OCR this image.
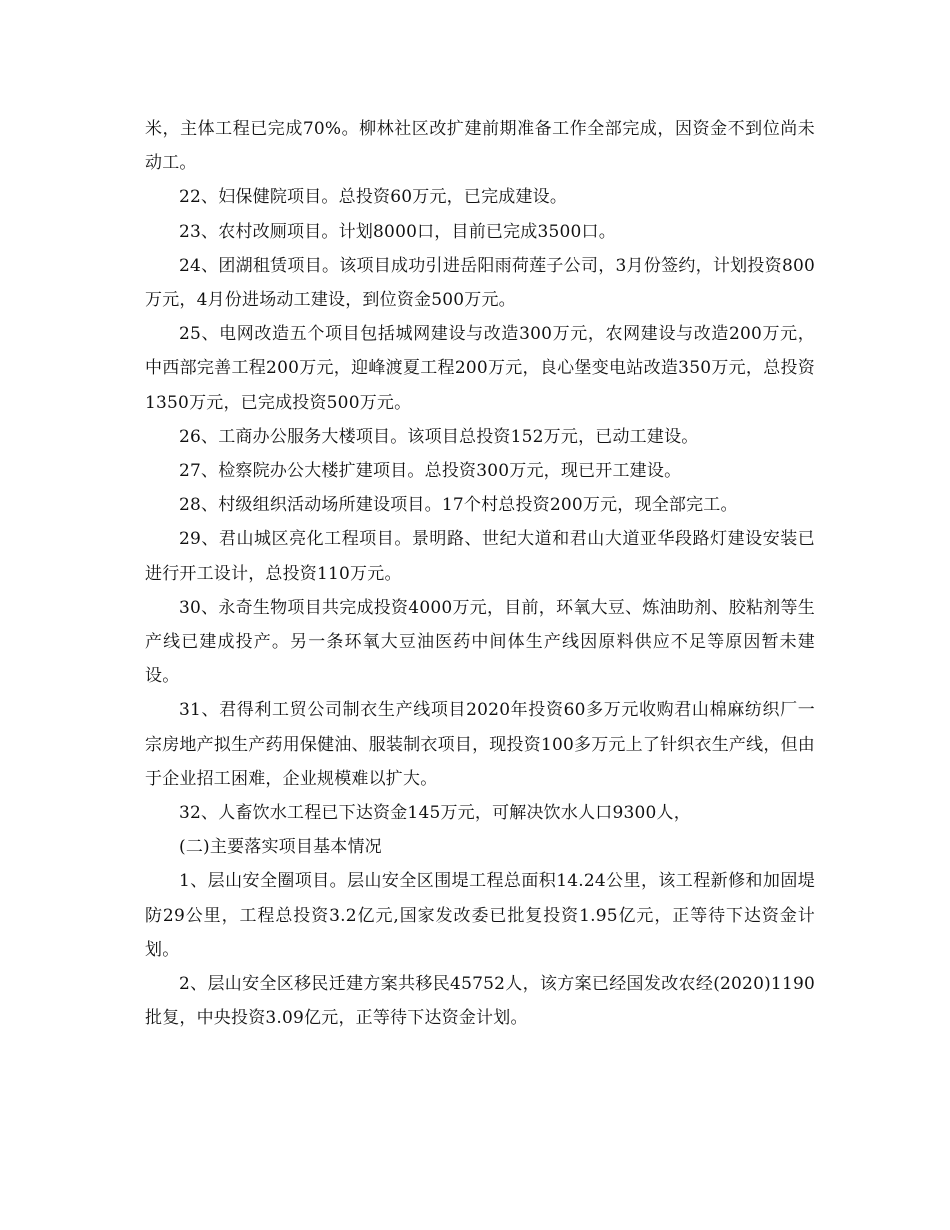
米，主体工程已完成70%。柳林社区改扩建前期准备工作全部完成，因资金不到位尚未动工。

22、妇保健院项目。总投资60万元，已完成建设。

23、农村改厕项目。计划8000口，目前已完成3500口。

24、团湖租赁项目。该项目成功引进岳阳雨荷莲子公司，3月份签约，计划投资800万元，4月份进场动工建设，到位资金500万元。

25、电网改造五个项目包括城网建设与改造300万元，农网建设与改造200万元，中西部完善工程200万元，迎峰渡夏工程200万元，良心堡变电站改造350万元，总投资1350万元，已完成投资500万元。

26、工商办公服务大楼项目。该项目总投资152万元，已动工建设。

27、检察院办公大楼扩建项目。总投资300万元，现已开工建设。

28、村级组织活动场所建设项目。17个村总投资200万元，现全部完工。

29、君山城区亮化工程项目。景明路、世纪大道和君山大道亚华段路灯建设安装已进行开工设计，总投资110万元。

30、永奇生物项目共完成投资4000万元，目前，环氧大豆、炼油助剂、胶粘剂等生产线已建成投产。另一条环氧大豆油医药中间体生产线因原料供应不足等原因暂未建设。

31、君得利工贸公司制衣生产线项目2020年投资60多万元收购君山棉麻纺织厂一宗房地产拟生产药用保健油、服装制衣项目，现投资100多万元上了针织衣生产线，但由于企业招工困难，企业规模难以扩大。

32、人畜饮水工程已下达资金145万元，可解决饮水人口9300人，

(二)主要落实项目基本情况

1、层山安全圈项目。层山安全区围堤工程总面积14.24公里，该工程新修和加固堤防29公里，工程总投资3.2亿元,国家发改委已批复投资1.95亿元，正等待下达资金计划。

2、层山安全区移民迁建方案共移民45752人，该方案已经国发改农经(2020)1190批复，中央投资3.09亿元，正等待下达资金计划。
